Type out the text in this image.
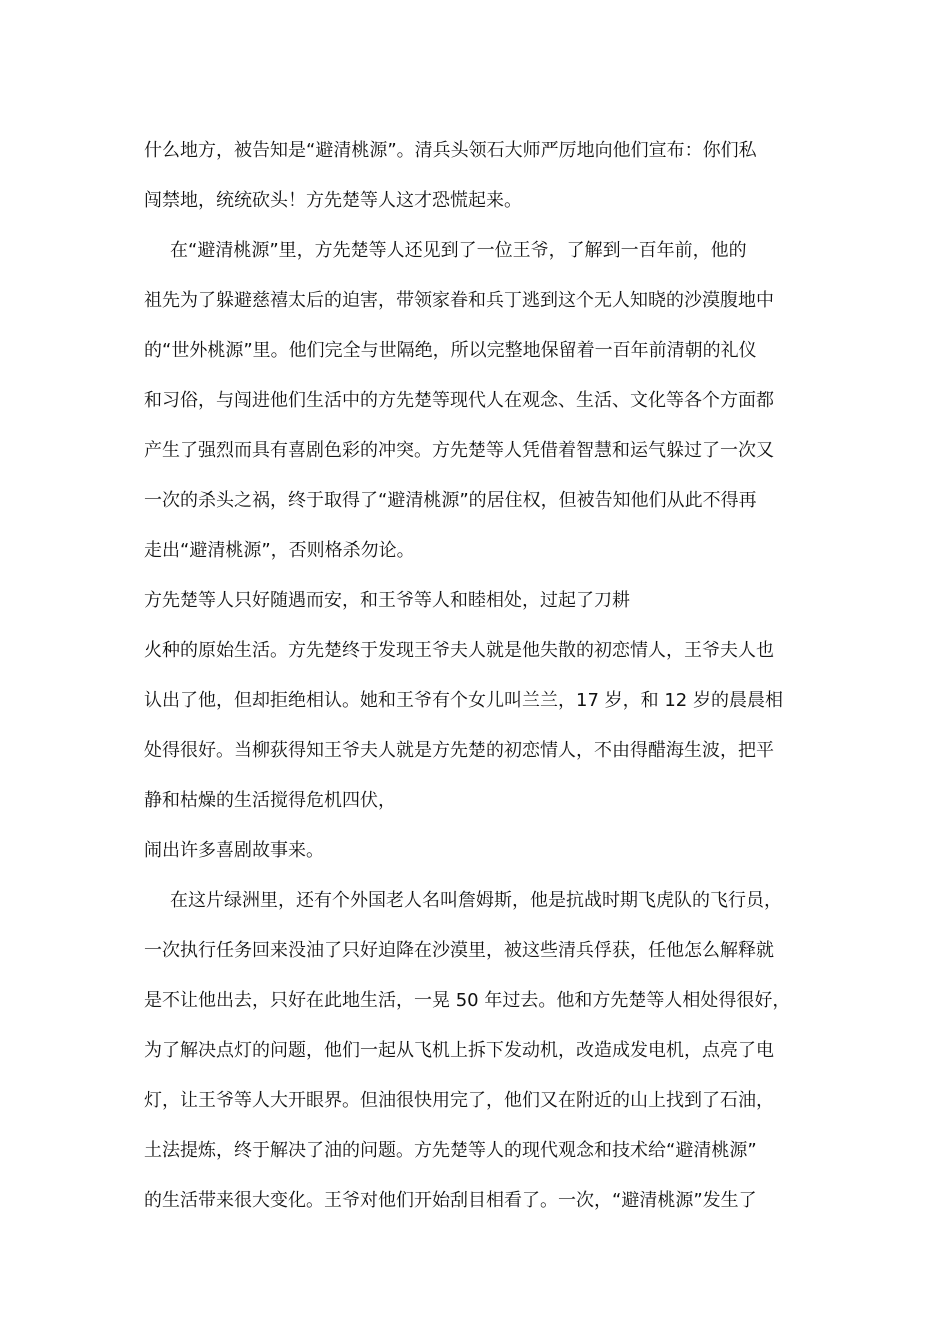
什么地方，被告知是“避清桃源”。清兵头领石大师严厉地向他们宣布：你们私
闯禁地，统统砍头！方先楚等人这才恐慌起来。
在“避清桃源”里，方先楚等人还见到了一位王爷，了解到一百年前，他的
祖先为了躲避慈禧太后的迫害，带领家眷和兵丁逃到这个无人知晓的沙漠腹地中
的“世外桃源”里。他们完全与世隔绝，所以完整地保留着一百年前清朝的礼仪
和习俗，与闯进他们生活中的方先楚等现代人在观念、生活、文化等各个方面都
产生了强烈而具有喜剧色彩的冲突。方先楚等人凭借着智慧和运气躲过了一次又
一次的杀头之祸，终于取得了“避清桃源”的居住权，但被告知他们从此不得再
走出“避清桃源”，否则格杀勿论。
方先楚等人只好随遇而安，和王爷等人和睦相处，过起了刀耕
火种的原始生活。方先楚终于发现王爷夫人就是他失散的初恋情人，王爷夫人也
认出了他，但却拒绝相认。她和王爷有个女儿叫兰兰，17 岁，和 12 岁的晨晨相
处得很好。当柳荻得知王爷夫人就是方先楚的初恋情人，不由得醋海生波，把平
静和枯燥的生活搅得危机四伏，
闹出许多喜剧故事来。
在这片绿洲里，还有个外国老人名叫詹姆斯，他是抗战时期飞虎队的飞行员，
一次执行任务回来没油了只好迫降在沙漠里，被这些清兵俘获，任他怎么解释就
是不让他出去，只好在此地生活，一晃 50 年过去。他和方先楚等人相处得很好，
为了解决点灯的问题，他们一起从飞机上拆下发动机，改造成发电机，点亮了电
灯，让王爷等人大开眼界。但油很快用完了，他们又在附近的山上找到了石油，
土法提炼，终于解决了油的问题。方先楚等人的现代观念和技术给“避清桃源”
的生活带来很大变化。王爷对他们开始刮目相看了。一次，“避清桃源”发生了
